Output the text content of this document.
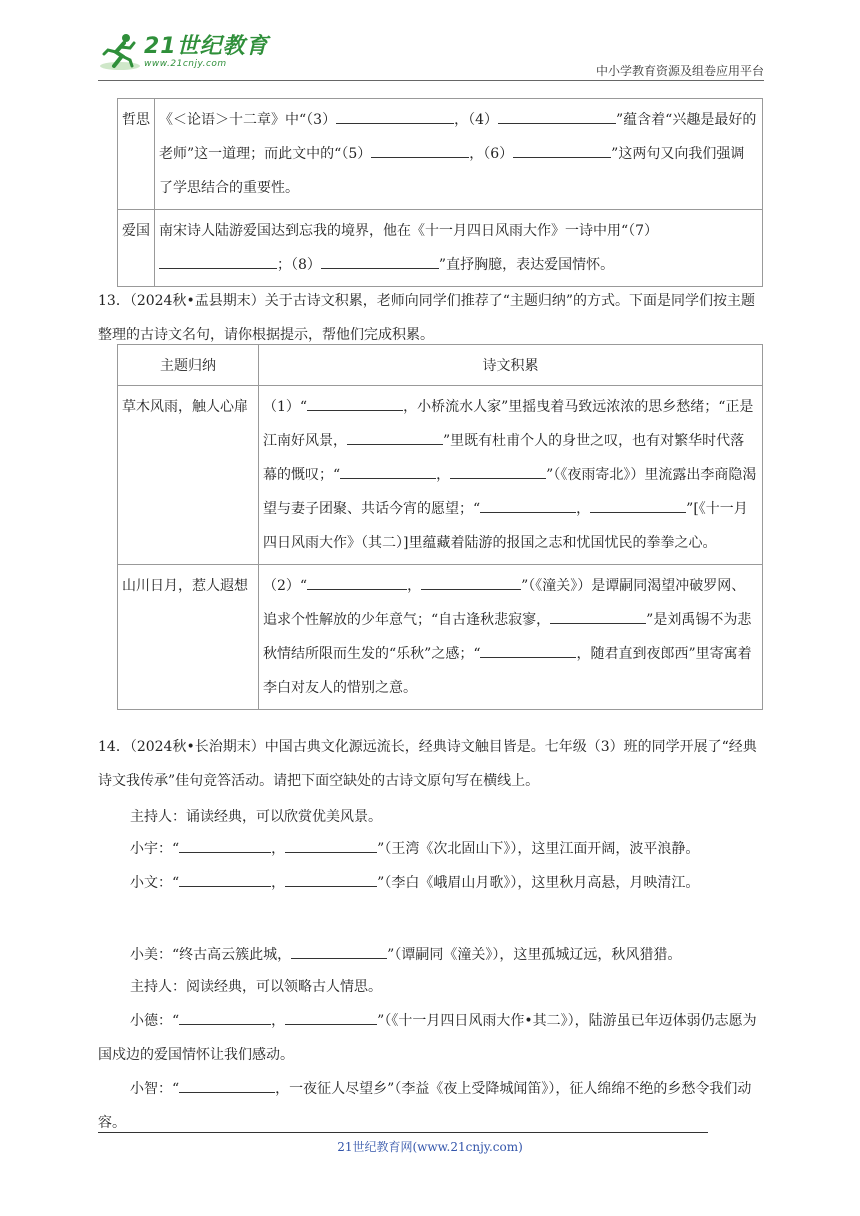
21世纪教育
www.21cnjy.com
中小学教育资源及组卷应用平台
哲思	《＜论语＞十二章》中“（3） ，（4） ”蕴含着“兴趣是最好的老师”这一道理；而此文中的“（5） ，（6） ”这两句又向我们强调了学思结合的重要性。
爱国	南宋诗人陆游爱国达到忘我的境界，他在《十一月四日风雨大作》一诗中用“（7）；（8） ”直抒胸臆，表达爱国情怀。
13．（2024秋•盂县期末）关于古诗文积累，老师向同学们推荐了“主题归纳”的方式。下面是同学们按主题整理的古诗文名句，请你根据提示，帮他们完成积累。
主题归纳	诗文积累
草木风雨，触人心扉	（1）“ ，小桥流水人家”里摇曳着马致远浓浓的思乡愁绪；“正是江南好风景， ”里既有杜甫个人的身世之叹，也有对繁华时代落幕的慨叹；“ ， ”（《夜雨寄北》）里流露出李商隐渴望与妻子团聚、共话今宵的愿望；“ ， ”[《十一月四日风雨大作》（其二）]里蕴藏着陆游的报国之志和忧国忧民的拳拳之心。
山川日月，惹人遐想	（2）“ ， ”（《潼关》）是谭嗣同渴望冲破罗网、追求个性解放的少年意气；“自古逢秋悲寂寥， ”是刘禹锡不为悲秋情结所限而生发的“乐秋”之感；“ ，随君直到夜郎西”里寄寓着李白对友人的惜别之意。
14．（2024秋•长治期末）中国古典文化源远流长，经典诗文触目皆是。七年级（3）班的同学开展了“经典诗文我传承”佳句竞答活动。请把下面空缺处的古诗文原句写在横线上。
主持人：诵读经典，可以欣赏优美风景。
小宇：“	，	”（王湾《次北固山下》），这里江面开阔，波平浪静。
小文：“	，	”（李白《峨眉山月歌》），这里秋月高悬，月映清江。
小美：“终古高云簇此城，	”（谭嗣同《潼关》），这里孤城辽远，秋风猎猎。
主持人：阅读经典，可以领略古人情思。
小德：“	，	”（《十一月四日风雨大作•其二》），陆游虽已年迈体弱仍志愿为国戍边的爱国情怀让我们感动。
小智：“	，一夜征人尽望乡”（李益《夜上受降城闻笛》），征人绵绵不绝的乡愁令我们动容。
21世纪教育网(www.21cnjy.com)
